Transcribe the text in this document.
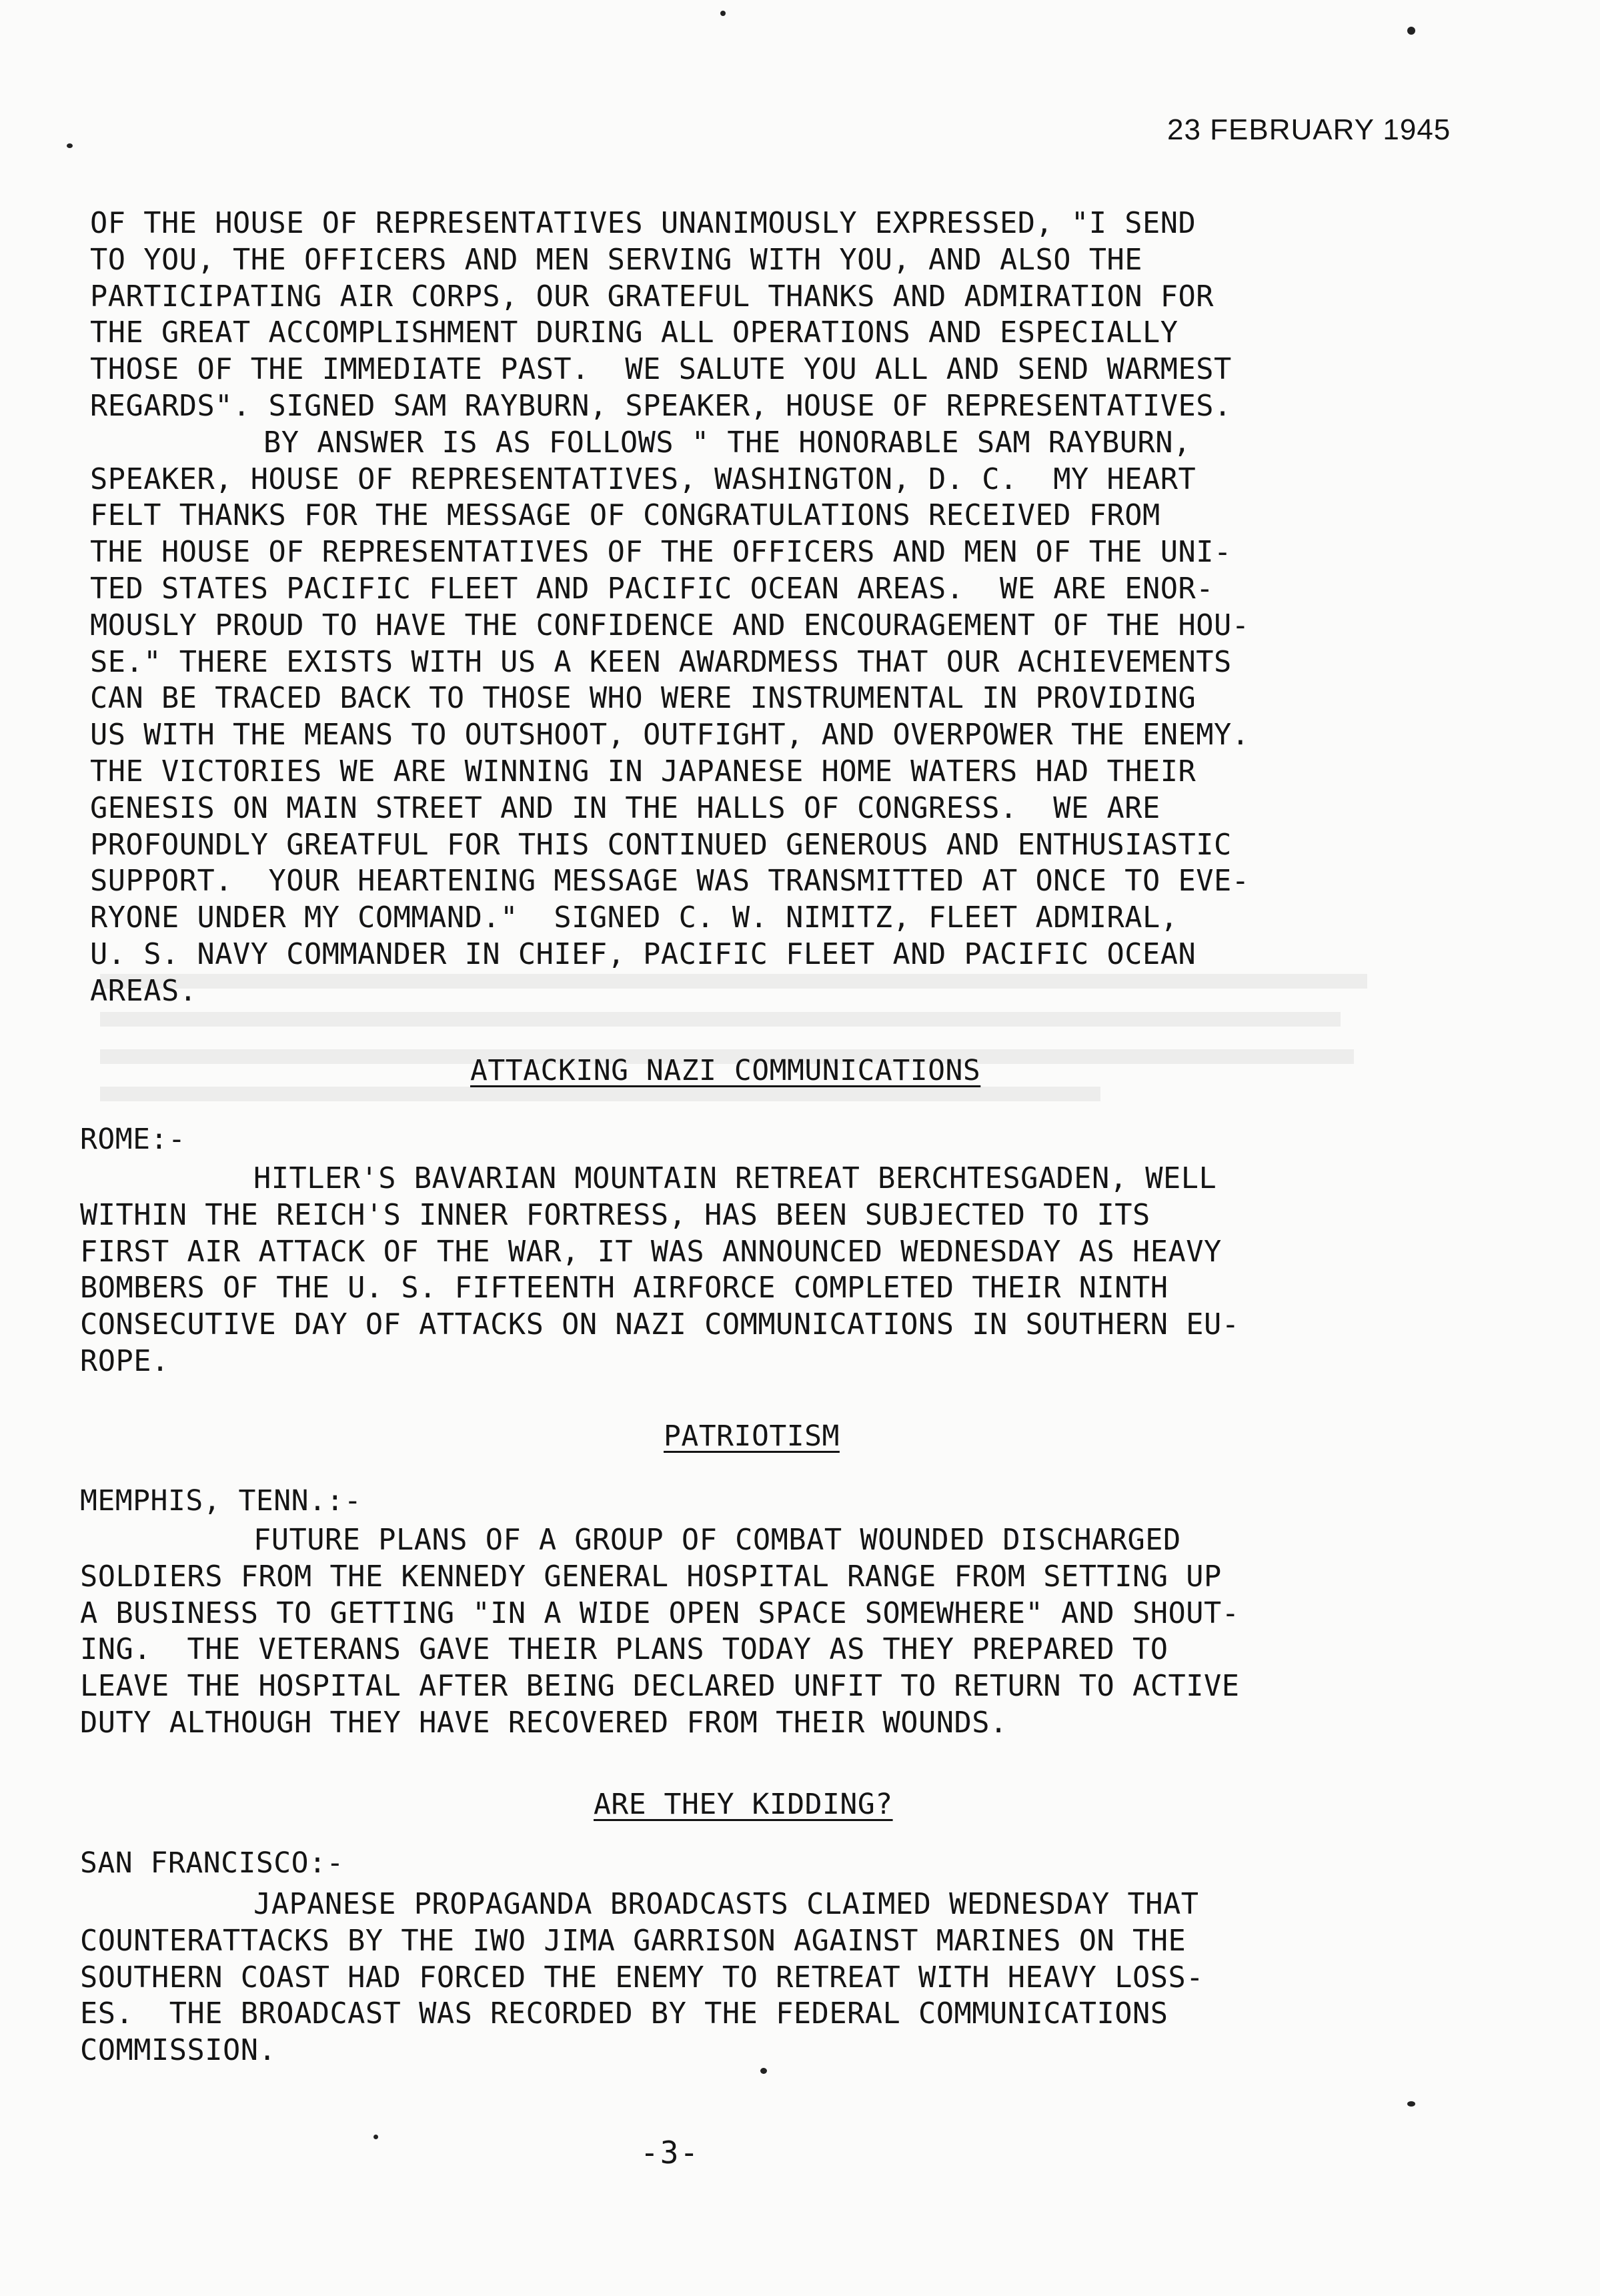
23 FEBRUARY 1945
OF THE HOUSE OF REPRESENTATIVES UNANIMOUSLY EXPRESSED, "I SEND
TO YOU, THE OFFICERS AND MEN SERVING WITH YOU, AND ALSO THE
PARTICIPATING AIR CORPS, OUR GRATEFUL THANKS AND ADMIRATION FOR
THE GREAT ACCOMPLISHMENT DURING ALL OPERATIONS AND ESPECIALLY
THOSE OF THE IMMEDIATE PAST.  WE SALUTE YOU ALL AND SEND WARMEST
REGARDS". SIGNED SAM RAYBURN, SPEAKER, HOUSE OF REPRESENTATIVES.
BY ANSWER IS AS FOLLOWS " THE HONORABLE SAM RAYBURN,
SPEAKER, HOUSE OF REPRESENTATIVES, WASHINGTON, D. C.  MY HEART
FELT THANKS FOR THE MESSAGE OF CONGRATULATIONS RECEIVED FROM
THE HOUSE OF REPRESENTATIVES OF THE OFFICERS AND MEN OF THE UNI-
TED STATES PACIFIC FLEET AND PACIFIC OCEAN AREAS.  WE ARE ENOR-
MOUSLY PROUD TO HAVE THE CONFIDENCE AND ENCOURAGEMENT OF THE HOU-
SE." THERE EXISTS WITH US A KEEN AWARDMESS THAT OUR ACHIEVEMENTS
CAN BE TRACED BACK TO THOSE WHO WERE INSTRUMENTAL IN PROVIDING
US WITH THE MEANS TO OUTSHOOT, OUTFIGHT, AND OVERPOWER THE ENEMY.
THE VICTORIES WE ARE WINNING IN JAPANESE HOME WATERS HAD THEIR
GENESIS ON MAIN STREET AND IN THE HALLS OF CONGRESS.  WE ARE
PROFOUNDLY GREATFUL FOR THIS CONTINUED GENEROUS AND ENTHUSIASTIC
SUPPORT.  YOUR HEARTENING MESSAGE WAS TRANSMITTED AT ONCE TO EVE-
RYONE UNDER MY COMMAND."  SIGNED C. W. NIMITZ, FLEET ADMIRAL,
U. S. NAVY COMMANDER IN CHIEF, PACIFIC FLEET AND PACIFIC OCEAN
AREAS.
ATTACKING NAZI COMMUNICATIONS
ROME:-
HITLER'S BAVARIAN MOUNTAIN RETREAT BERCHTESGADEN, WELL
WITHIN THE REICH'S INNER FORTRESS, HAS BEEN SUBJECTED TO ITS
FIRST AIR ATTACK OF THE WAR, IT WAS ANNOUNCED WEDNESDAY AS HEAVY
BOMBERS OF THE U. S. FIFTEENTH AIRFORCE COMPLETED THEIR NINTH
CONSECUTIVE DAY OF ATTACKS ON NAZI COMMUNICATIONS IN SOUTHERN EU-
ROPE.
PATRIOTISM
MEMPHIS, TENN.:-
FUTURE PLANS OF A GROUP OF COMBAT WOUNDED DISCHARGED
SOLDIERS FROM THE KENNEDY GENERAL HOSPITAL RANGE FROM SETTING UP
A BUSINESS TO GETTING "IN A WIDE OPEN SPACE SOMEWHERE" AND SHOUT-
ING.  THE VETERANS GAVE THEIR PLANS TODAY AS THEY PREPARED TO
LEAVE THE HOSPITAL AFTER BEING DECLARED UNFIT TO RETURN TO ACTIVE
DUTY ALTHOUGH THEY HAVE RECOVERED FROM THEIR WOUNDS.
ARE THEY KIDDING?
SAN FRANCISCO:-
JAPANESE PROPAGANDA BROADCASTS CLAIMED WEDNESDAY THAT
COUNTERATTACKS BY THE IWO JIMA GARRISON AGAINST MARINES ON THE
SOUTHERN COAST HAD FORCED THE ENEMY TO RETREAT WITH HEAVY LOSS-
ES.  THE BROADCAST WAS RECORDED BY THE FEDERAL COMMUNICATIONS
COMMISSION.
-3-
